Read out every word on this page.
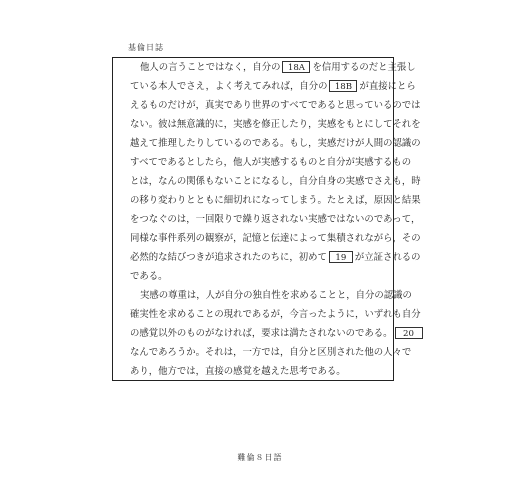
基倫日誌
他人の言うことではなく，自分の 18A を信用するのだと主張し
ている本人でさえ，よく考えてみれば，自分の 18B が直接にとら
えるものだけが，真実であり世界のすべてであると思っているのでは
ない。彼は無意識的に，実感を修正したり，実感をもとにしてそれを
越えて推理したりしているのである。もし，実感だけが人間の認識の
すべてであるとしたら，他人が実感するものと自分が実感するもの
とは，なんの関係もないことになるし，自分自身の実感でさえも，時
の移り変わりとともに細切れになってしまう。たとえば，原因と結果
をつなぐのは，一回限りで繰り返されない実感ではないのであって，
同様な事件系列の観察が，記憶と伝達によって集積されながら，その
必然的な結びつきが追求されたのちに，初めて 19 が立証されるの
である。
実感の尊重は，人が自分の独自性を求めることと，自分の認識の
確実性を求めることの現れであるが，今言ったように，いずれも自分
の感覚以外のものがなければ，要求は満たされないのである。 20
なんであろうか。それは，一方では，自分と区別された他の人々で
あり，他方では，直接の感覚を越えた思考である。
難倫８日語
